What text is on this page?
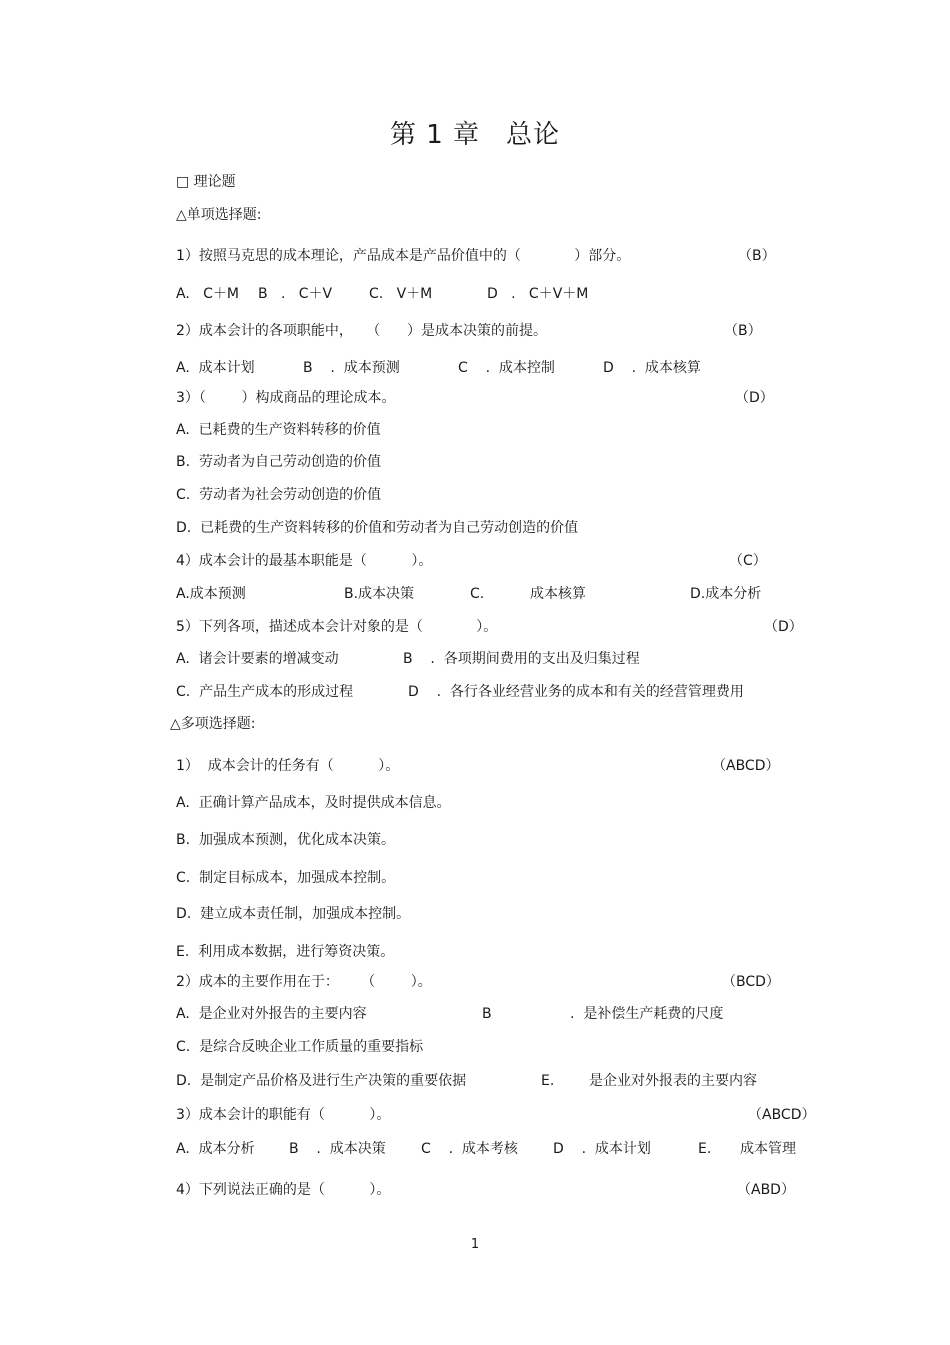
第 1 章 总论
□ 理论题
△单项选择题:
1）按照马克思的成本理论，产品成本是产品价值中的（            ）部分。	（B）
A.   C＋M B   .   C＋V	C.   V＋M	D   .   C＋V＋M
2）成本会计的各项职能中，   （      ）是成本决策的前提。	（B）
A.  成本计划	B    .  成本预测	C    .  成本控制	D    .  成本核算
3）（        ）构成商品的理论成本。	（D）
A.  已耗费的生产资料转移的价值
B.  劳动者为自己劳动创造的价值
C.  劳动者为社会劳动创造的价值
D.  已耗费的生产资料转移的价值和劳动者为自己劳动创造的价值
4）成本会计的最基本职能是（          ）。	（C）
A.成本预测	B.成本决策	C.	成本核算	D.成本分析
5）下列各项，描述成本会计对象的是（            ）。	（D）
A.  诸会计要素的增减变动	B    .  各项期间费用的支出及归集过程
C.  产品生产成本的形成过程	D    .  各行各业经营业务的成本和有关的经营管理费用
△多项选择题:
1）  成本会计的任务有（          ）。	（ABCD）
A.  正确计算产品成本，及时提供成本信息。
B.  加强成本预测，优化成本决策。
C.  制定目标成本，加强成本控制。
D.  建立成本责任制，加强成本控制。
E.  利用成本数据，进行筹资决策。
2）成本的主要作用在于：     （        ）。	（BCD）
A.  是企业对外报告的主要内容	B	.  是补偿生产耗费的尺度
C.  是综合反映企业工作质量的重要指标
D.  是制定产品价格及进行生产决策的重要依据	E. 是企业对外报表的主要内容
3）成本会计的职能有（          ）。	（ABCD）
A.  成本分析 B    .  成本决策	C    .  成本考核	D    .  成本计划	E. 成本管理
4）下列说法正确的是（          ）。	（ABD）
1
